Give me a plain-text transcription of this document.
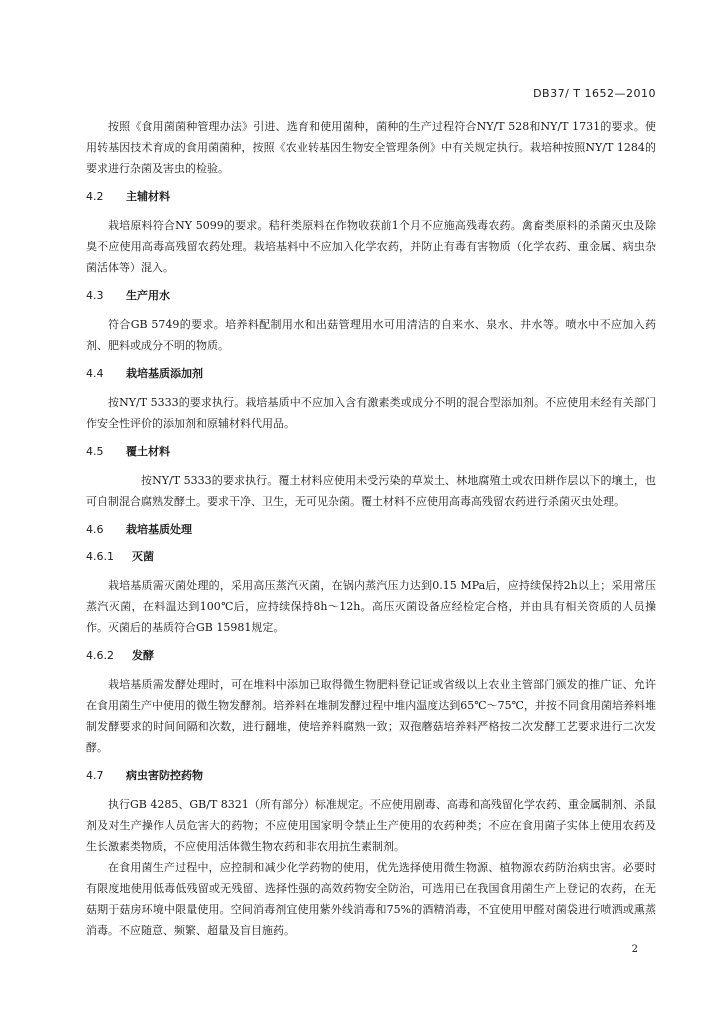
DB37/ T 1652—2010

按照《食用菌菌种管理办法》引进、选育和使用菌种，菌种的生产过程符合NY/T 528和NY/T 1731的要求。使用转基因技术育成的食用菌菌种，按照《农业转基因生物安全管理条例》中有关规定执行。栽培种按照NY/T 1284的要求进行杂菌及害虫的检验。

4.2 主辅材料

栽培原料符合NY 5099的要求。秸秆类原料在作物收获前1个月不应施高残毒农药。禽畜类原料的杀菌灭虫及除臭不应使用高毒高残留农药处理。栽培基料中不应加入化学农药，并防止有毒有害物质（化学农药、重金属、病虫杂菌活体等）混入。

4.3 生产用水

符合GB 5749的要求。培养料配制用水和出菇管理用水可用清洁的自来水、泉水、井水等。喷水中不应加入药剂、肥料或成分不明的物质。

4.4 栽培基质添加剂

按NY/T 5333的要求执行。栽培基质中不应加入含有激素类或成分不明的混合型添加剂。不应使用未经有关部门作安全性评价的添加剂和原辅材料代用品。

4.5 覆土材料

按NY/T 5333的要求执行。覆土材料应使用未受污染的草炭土、林地腐殖土或农田耕作层以下的壤土，也可自制混合腐熟发酵土。要求干净、卫生，无可见杂菌。覆土材料不应使用高毒高残留农药进行杀菌灭虫处理。

4.6 栽培基质处理
4.6.1 灭菌

栽培基质需灭菌处理的，采用高压蒸汽灭菌，在锅内蒸汽压力达到0.15 MPa后，应持续保持2h以上；采用常压蒸汽灭菌，在料温达到100℃后，应持续保持8h～12h。高压灭菌设备应经检定合格，并由具有相关资质的人员操作。灭菌后的基质符合GB 15981规定。

4.6.2 发酵

栽培基质需发酵处理时，可在堆料中添加已取得微生物肥料登记证或省级以上农业主管部门颁发的推广证、允许在食用菌生产中使用的微生物发酵剂。培养料在堆制发酵过程中堆内温度达到65℃～75℃，并按不同食用菌培养料堆制发酵要求的时间间隔和次数，进行翻堆，使培养料腐熟一致；双孢蘑菇培养料严格按二次发酵工艺要求进行二次发酵。

4.7 病虫害防控药物

执行GB 4285、GB/T 8321（所有部分）标准规定。不应使用剧毒、高毒和高残留化学农药、重金属制剂、杀鼠剂及对生产操作人员危害大的药物；不应使用国家明令禁止生产使用的农药种类；不应在食用菌子实体上使用农药及生长激素类物质，不应使用活体微生物农药和非农用抗生素制剂。

在食用菌生产过程中，应控制和减少化学药物的使用，优先选择使用微生物源、植物源农药防治病虫害。必要时有限度地使用低毒低残留或无残留、选择性强的高效药物安全防治，可选用已在我国食用菌生产上登记的农药，在无菇期于菇房环境中限量使用。空间消毒剂宜使用紫外线消毒和75%的酒精消毒，不宜使用甲醛对菌袋进行喷洒或熏蒸消毒。不应随意、频繁、超量及盲目施药。

2
